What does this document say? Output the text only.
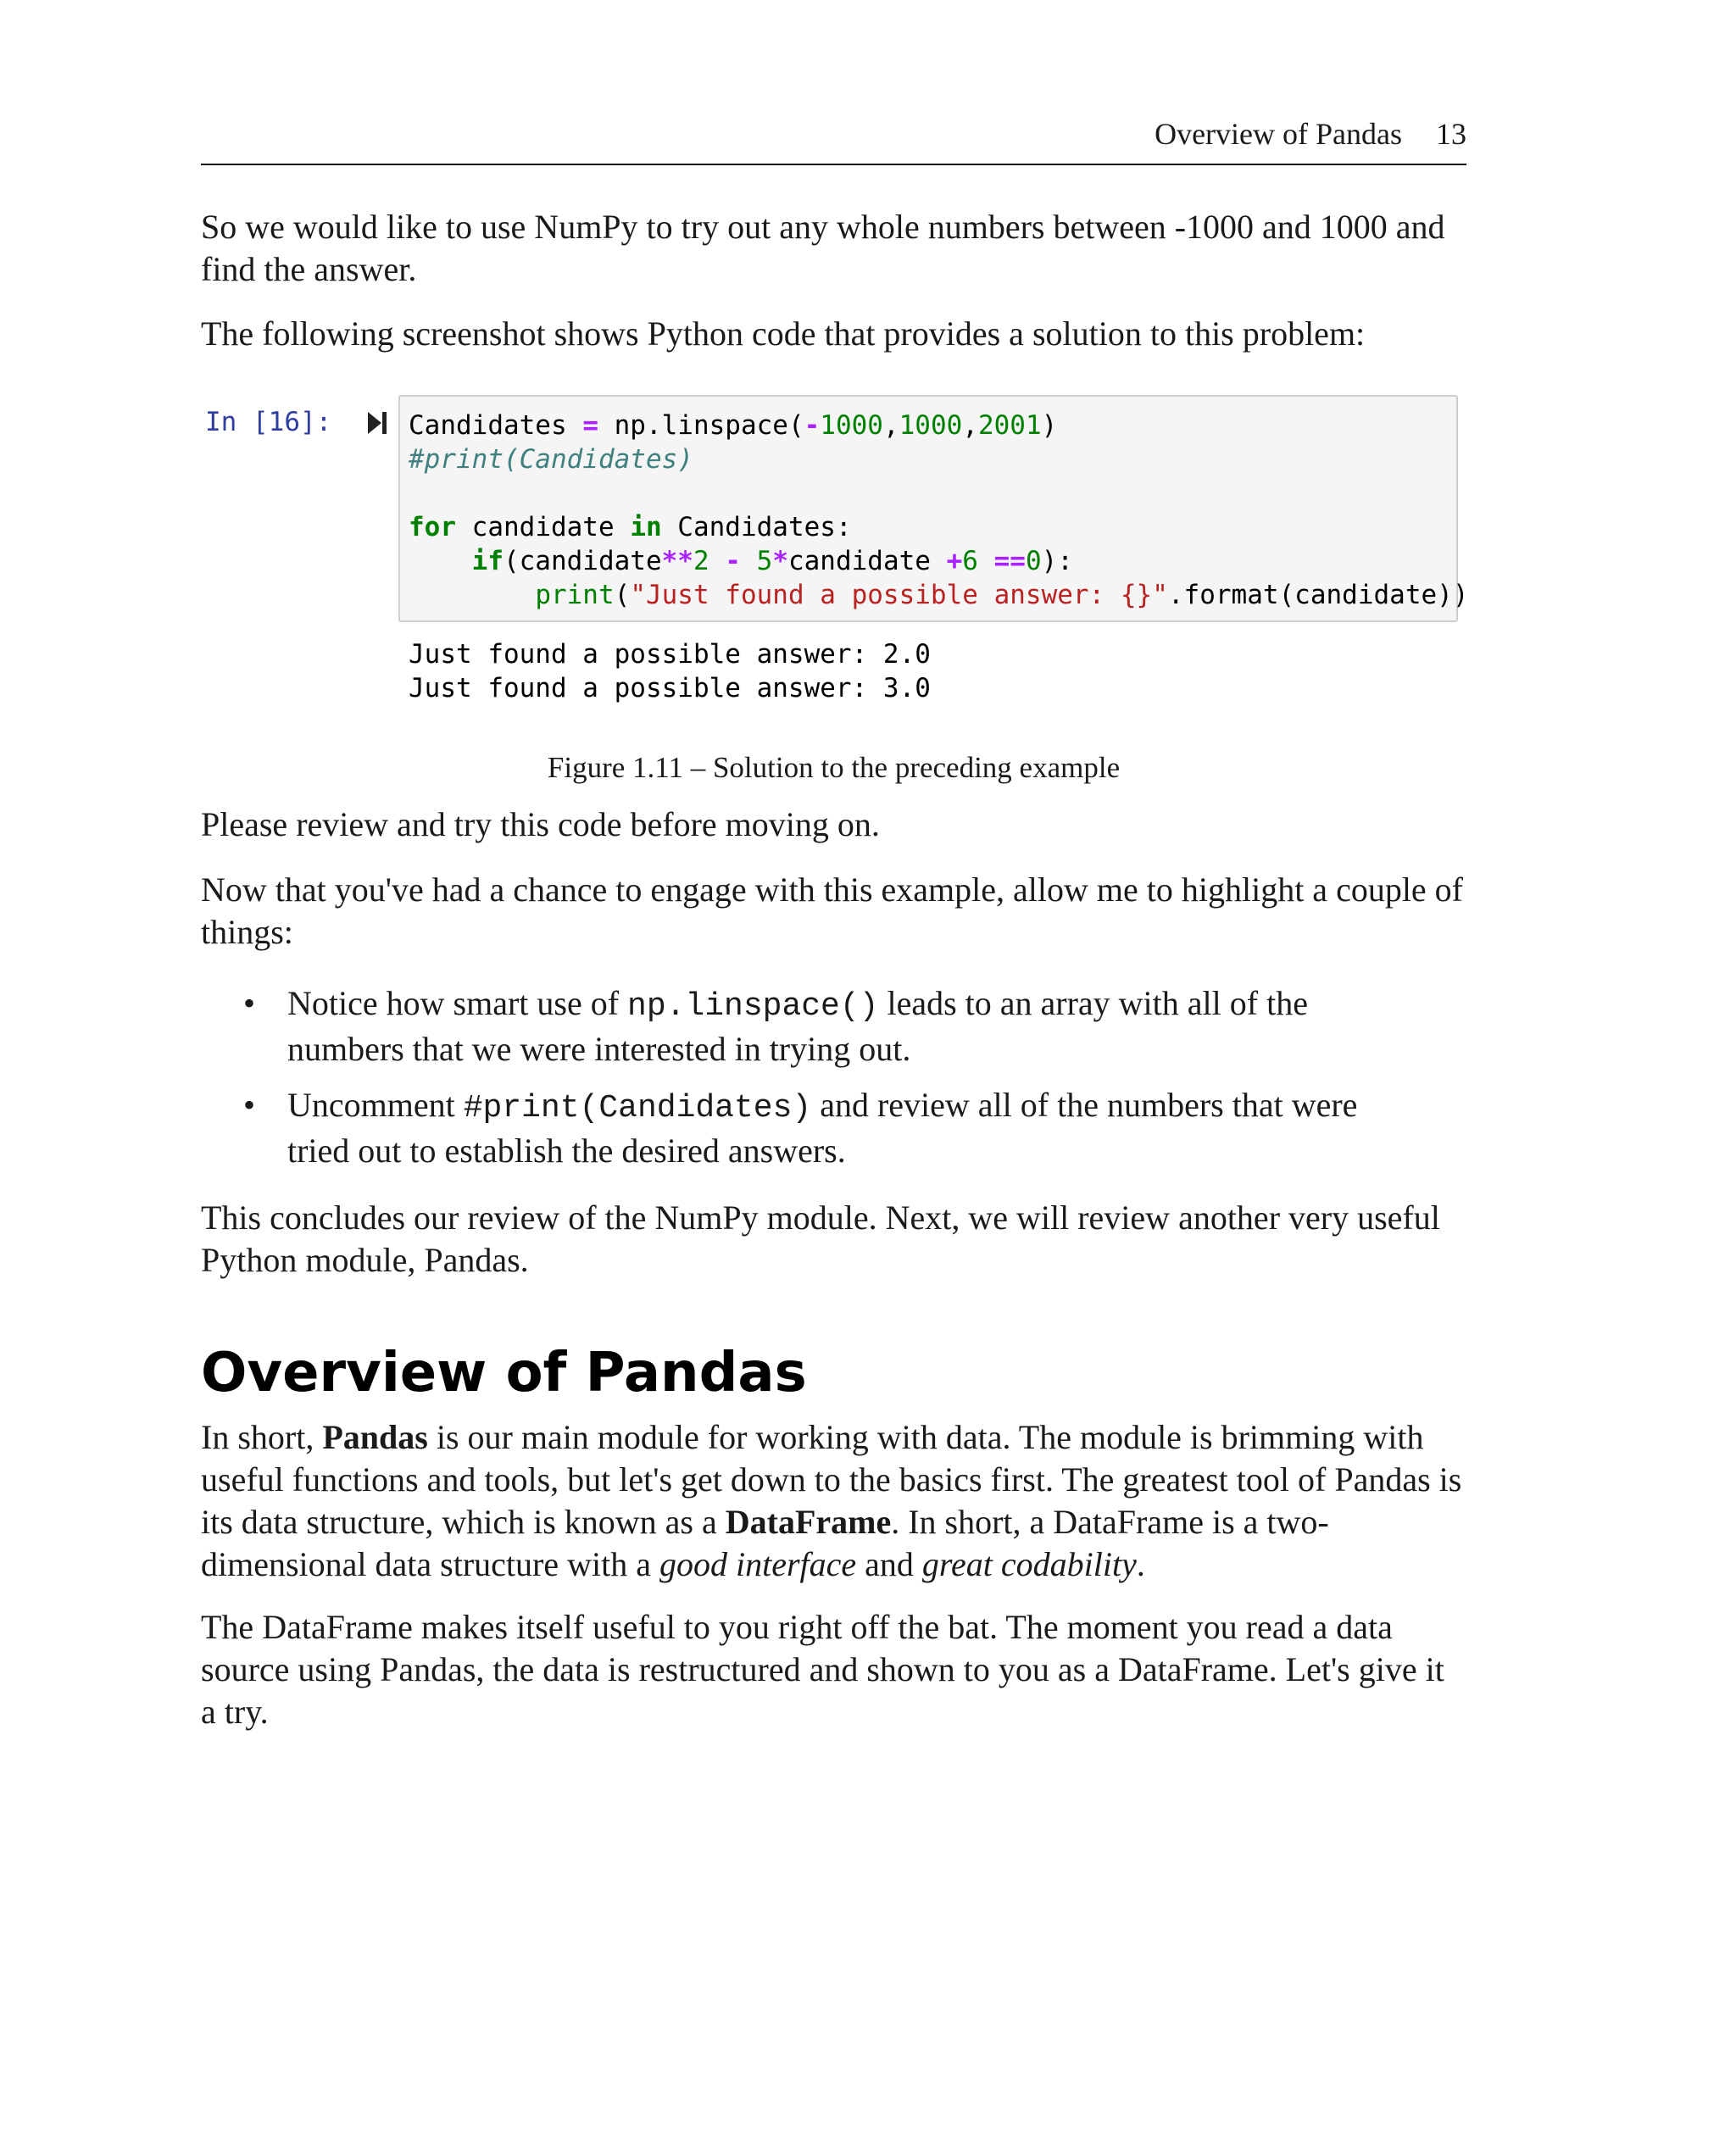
In [16]:	Candidates = np.linspace(-1000,1000,2001)
#print(Candidates)

for candidate in Candidates:
if(candidate**2 - 5*candidate +6 ==0):
print("Just found a possible answer: {}".format(candidate))
Just found a possible answer: 2.0
Just found a possible answer: 3.0
Overview of Pandas 13

So we would like to use NumPy to try out any whole numbers between -1000 and 1000 and find the answer.

The following screenshot shows Python code that provides a solution to this problem:

Figure 1.11 – Solution to the preceding example

Please review and try this code before moving on.

Now that you've had a chance to engage with this example, allow me to highlight a couple of things:

• Notice how smart use of np.linspace() leads to an array with all of the numbers that we were interested in trying out.
• Uncomment #print(Candidates) and review all of the numbers that were tried out to establish the desired answers.

This concludes our review of the NumPy module. Next, we will review another very useful Python module, Pandas.

Overview of Pandas

In short, Pandas is our main module for working with data. The module is brimming with useful functions and tools, but let's get down to the basics first. The greatest tool of Pandas is its data structure, which is known as a DataFrame. In short, a DataFrame is a two-dimensional data structure with a good interface and great codability.

The DataFrame makes itself useful to you right off the bat. The moment you read a data source using Pandas, the data is restructured and shown to you as a DataFrame. Let's give it a try.
